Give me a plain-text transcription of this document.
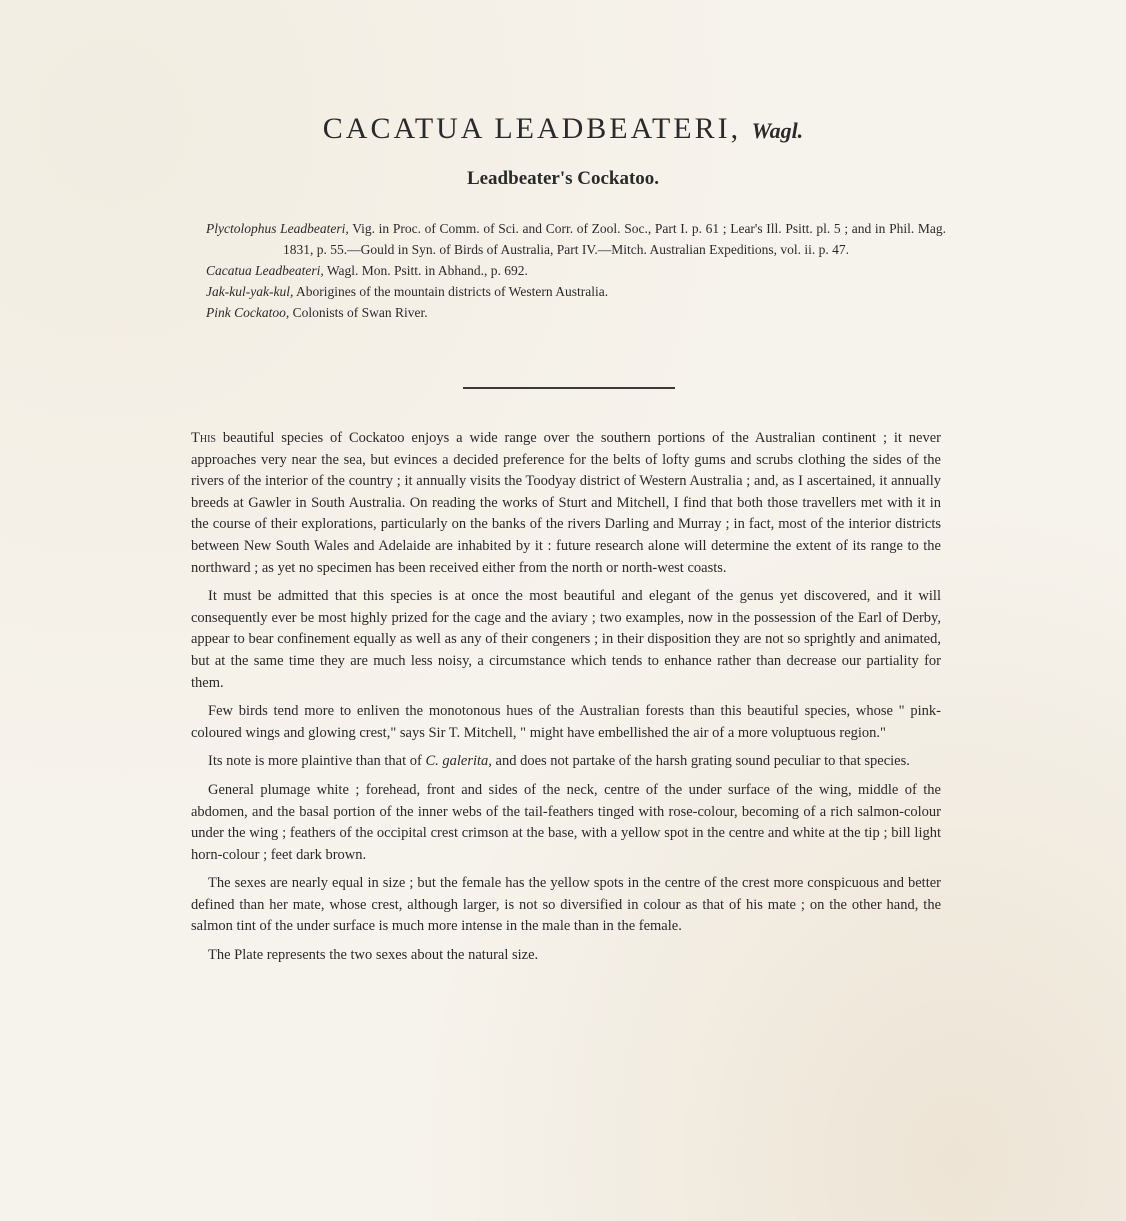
CACATUA LEADBEATERI, Wagl.
Leadbeater's Cockatoo.

Plyctolophus Leadbeateri, Vig. in Proc. of Comm. of Sci. and Corr. of Zool. Soc., Part I. p. 61 ; Lear's Ill. Psitt. pl. 5 ; and in Phil. Mag. 1831, p. 55.—Gould in Syn. of Birds of Australia, Part IV.—Mitch. Australian Expeditions, vol. ii. p. 47.

Cacatua Leadbeateri, Wagl. Mon. Psitt. in Abhand., p. 692.

Jak-kul-yak-kul, Aborigines of the mountain districts of Western Australia.

Pink Cockatoo, Colonists of Swan River.

This beautiful species of Cockatoo enjoys a wide range over the southern portions of the Australian continent ; it never approaches very near the sea, but evinces a decided preference for the belts of lofty gums and scrubs clothing the sides of the rivers of the interior of the country ; it annually visits the Toodyay district of Western Australia ; and, as I ascertained, it annually breeds at Gawler in South Australia. On reading the works of Sturt and Mitchell, I find that both those travellers met with it in the course of their explorations, particularly on the banks of the rivers Darling and Murray ; in fact, most of the interior districts between New South Wales and Adelaide are inhabited by it : future research alone will determine the extent of its range to the northward ; as yet no specimen has been received either from the north or north-west coasts.

It must be admitted that this species is at once the most beautiful and elegant of the genus yet discovered, and it will consequently ever be most highly prized for the cage and the aviary ; two examples, now in the possession of the Earl of Derby, appear to bear confinement equally as well as any of their congeners ; in their disposition they are not so sprightly and animated, but at the same time they are much less noisy, a circumstance which tends to enhance rather than decrease our partiality for them.

Few birds tend more to enliven the monotonous hues of the Australian forests than this beautiful species, whose " pink-coloured wings and glowing crest," says Sir T. Mitchell, " might have embellished the air of a more voluptuous region."

Its note is more plaintive than that of C. galerita, and does not partake of the harsh grating sound peculiar to that species.

General plumage white ; forehead, front and sides of the neck, centre of the under surface of the wing, middle of the abdomen, and the basal portion of the inner webs of the tail-feathers tinged with rose-colour, becoming of a rich salmon-colour under the wing ; feathers of the occipital crest crimson at the base, with a yellow spot in the centre and white at the tip ; bill light horn-colour ; feet dark brown.

The sexes are nearly equal in size ; but the female has the yellow spots in the centre of the crest more conspicuous and better defined than her mate, whose crest, although larger, is not so diversified in colour as that of his mate ; on the other hand, the salmon tint of the under surface is much more intense in the male than in the female.

The Plate represents the two sexes about the natural size.
